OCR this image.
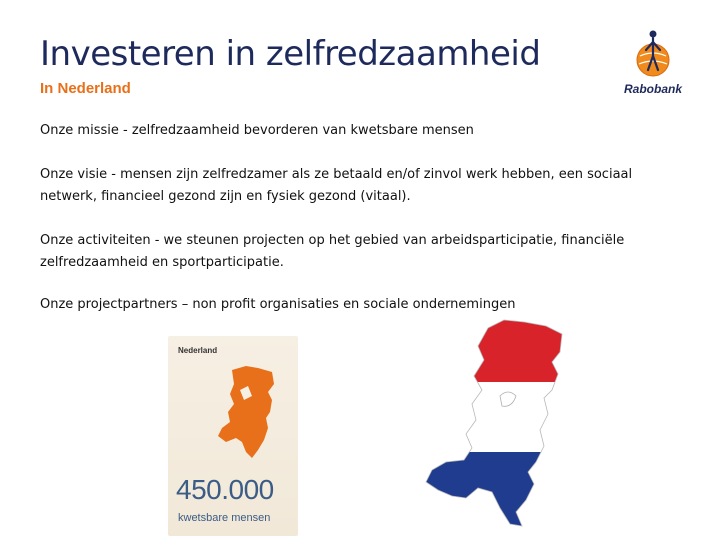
Investeren in zelfredzaamheid
In Nederland	Rabobank
Onze missie - zelfredzaamheid bevorderen van kwetsbare mensen
Onze visie - mensen zijn zelfredzamer als ze betaald en/of zinvol werk hebben, een sociaal netwerk, financieel gezond zijn en fysiek gezond (vitaal).
Onze activiteiten - we steunen projecten op het gebied van arbeidsparticipatie, financiële zelfredzaamheid en sportparticipatie.
Onze projectpartners – non profit organisaties en sociale ondernemingen
Nederland
450.000
kwetsbare mensen
